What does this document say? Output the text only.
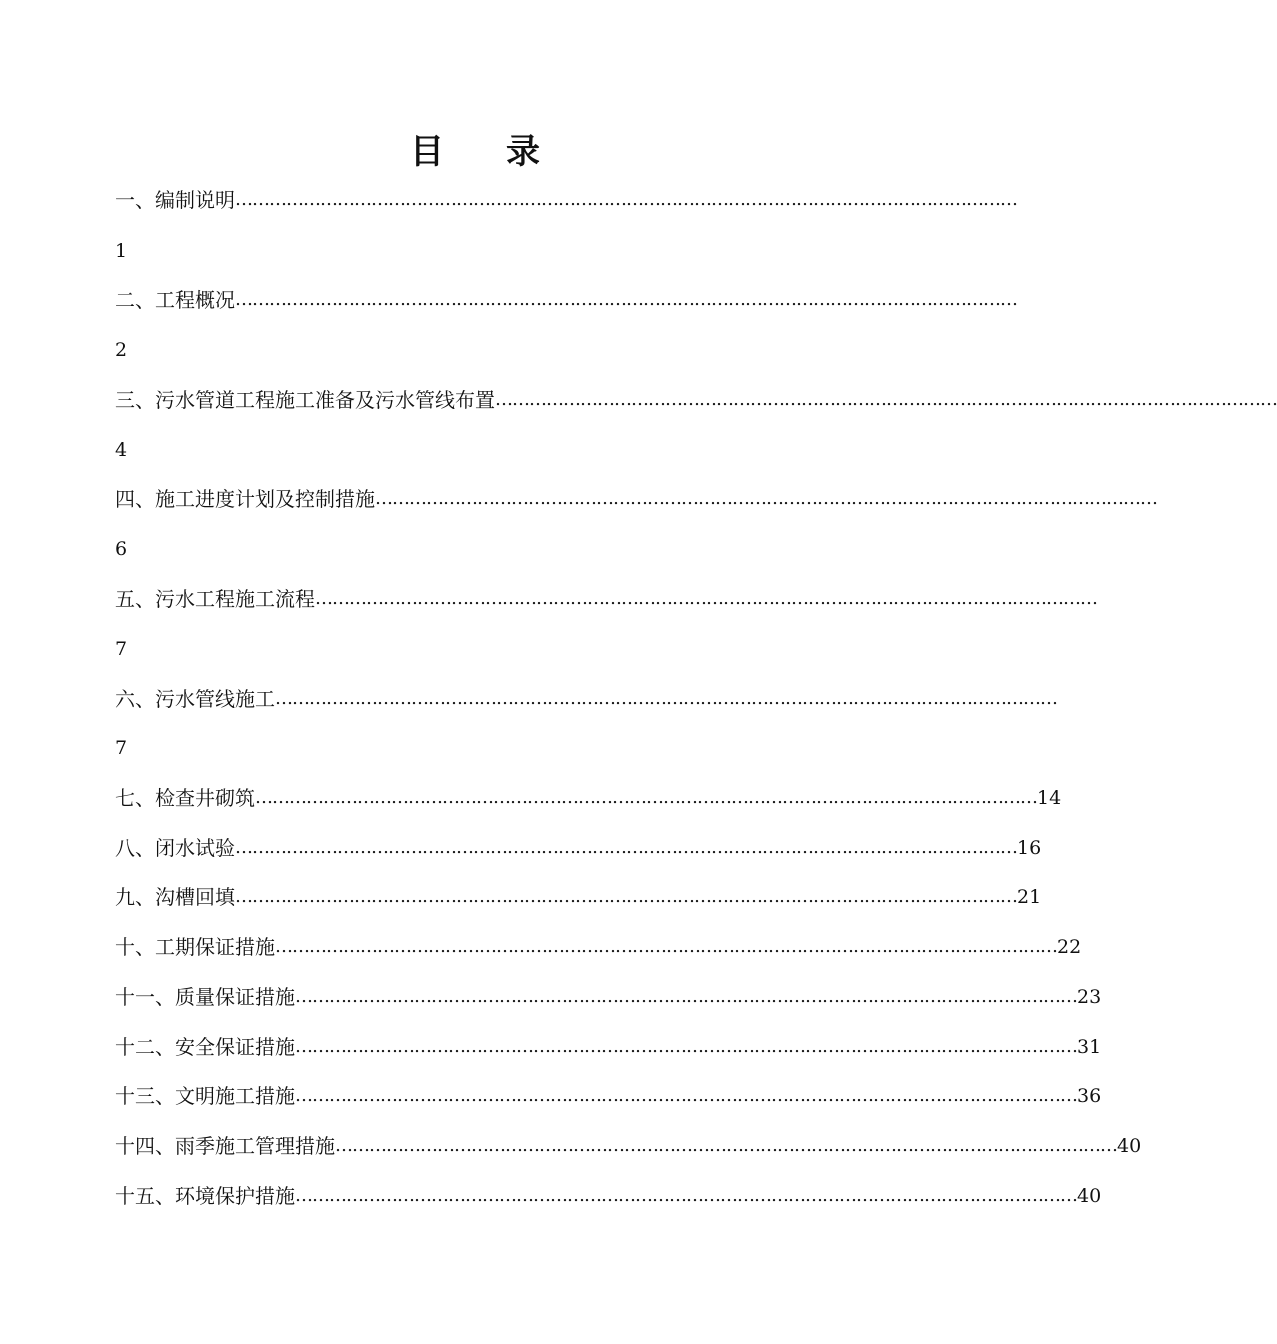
目 录
一、编制说明 …………………………………………………………………………………………………………………………
1
二、工程概况 …………………………………………………………………………………………………………………………
2
三、污水管道工程施工准备及污水管线布置 …………………………………………………………………………………………………………………………
4
四、施工进度计划及控制措施 …………………………………………………………………………………………………………………………
6
五、污水工程施工流程 …………………………………………………………………………………………………………………………
7
六、污水管线施工 …………………………………………………………………………………………………………………………
7
七、检查井砌筑 ………………………………………………………………………………………………………………………… 14
八、闭水试验 ………………………………………………………………………………………………………………………… 16
九、沟槽回填 ………………………………………………………………………………………………………………………… 21
十、工期保证措施 ………………………………………………………………………………………………………………………… 22
十一、质量保证措施 ………………………………………………………………………………………………………………………… 23
十二、安全保证措施 ………………………………………………………………………………………………………………………… 31
十三、文明施工措施 ………………………………………………………………………………………………………………………… 36
十四、雨季施工管理措施 ………………………………………………………………………………………………………………………… 40
十五、环境保护措施 ………………………………………………………………………………………………………………………… 40
